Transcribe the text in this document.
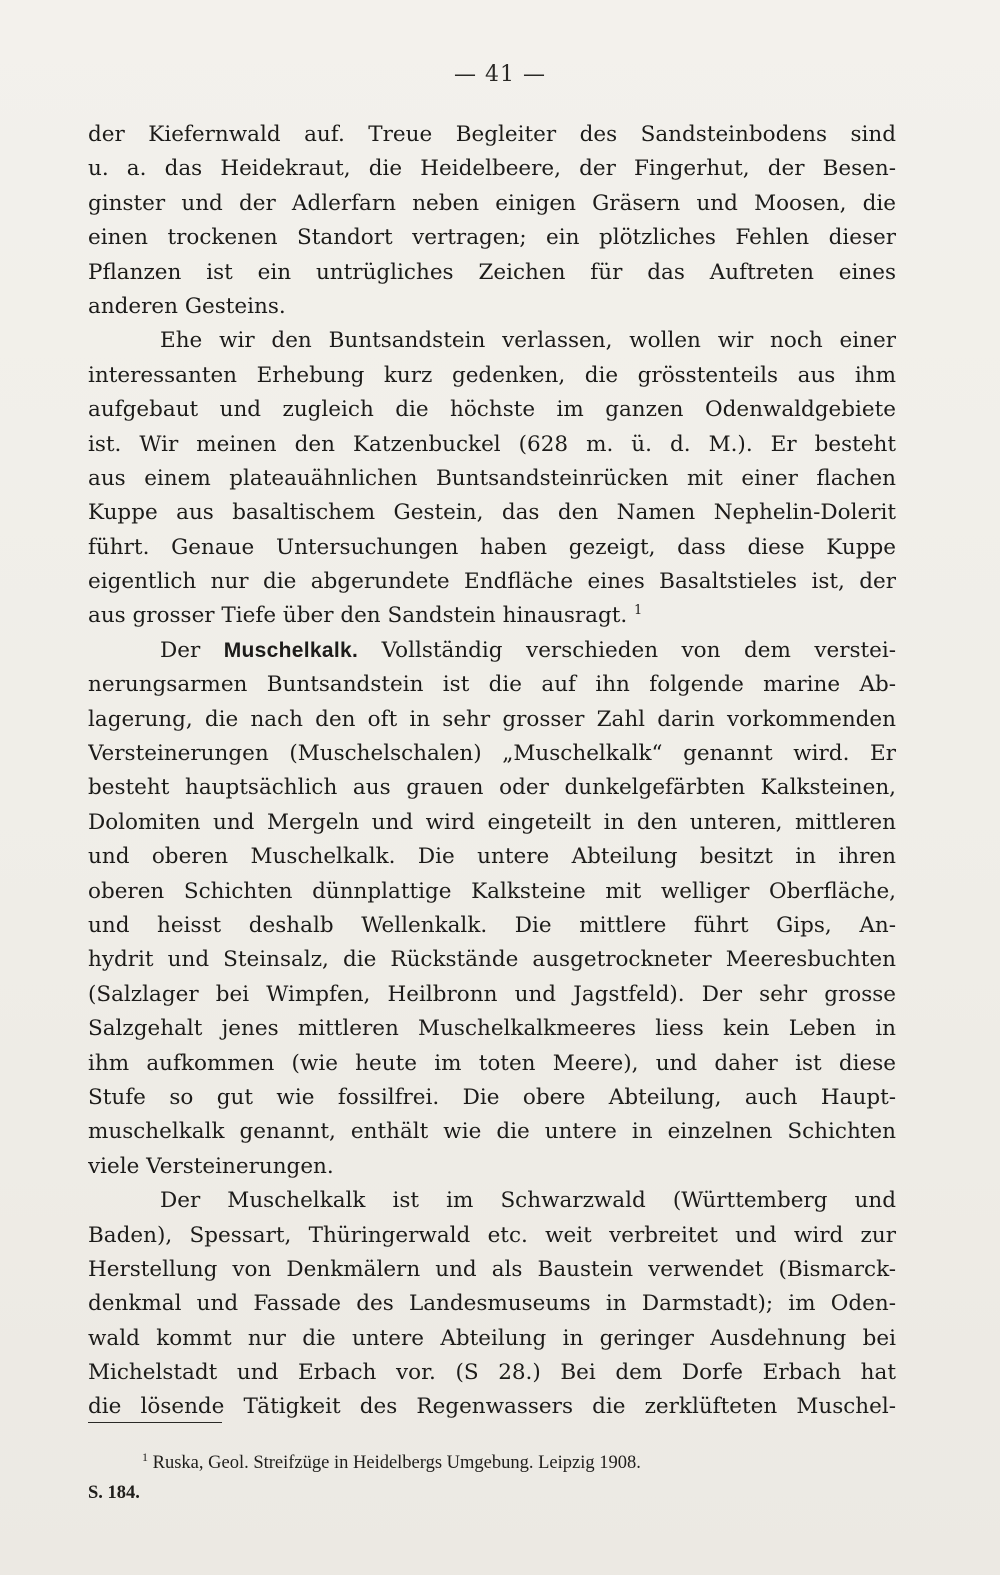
— 41 —
der Kiefernwald auf. Treue Begleiter des Sandsteinbodens sind
u. a. das Heidekraut, die Heidelbeere, der Fingerhut, der Besen-
ginster und der Adlerfarn neben einigen Gräsern und Moosen, die
einen trockenen Standort vertragen; ein plötzliches Fehlen dieser
Pflanzen ist ein untrügliches Zeichen für das Auftreten eines
anderen Gesteins.
Ehe wir den Buntsandstein verlassen, wollen wir noch einer
interessanten Erhebung kurz gedenken, die grösstenteils aus ihm
aufgebaut und zugleich die höchste im ganzen Odenwaldgebiete
ist. Wir meinen den Katzenbuckel (628 m. ü. d. M.). Er besteht
aus einem plateauähnlichen Buntsandsteinrücken mit einer flachen
Kuppe aus basaltischem Gestein, das den Namen Nephelin-Dolerit
führt. Genaue Untersuchungen haben gezeigt, dass diese Kuppe
eigentlich nur die abgerundete Endfläche eines Basaltstieles ist, der
aus grosser Tiefe über den Sandstein hinausragt. $^1$
Der Muschelkalk. Vollständig verschieden von dem verstei-
nerungsarmen Buntsandstein ist die auf ihn folgende marine Ab-
lagerung, die nach den oft in sehr grosser Zahl darin vorkommenden
Versteinerungen (Muschelschalen) „Muschelkalk“ genannt wird. Er
besteht hauptsächlich aus grauen oder dunkelgefärbten Kalksteinen,
Dolomiten und Mergeln und wird eingeteilt in den unteren, mittleren
und oberen Muschelkalk. Die untere Abteilung besitzt in ihren
oberen Schichten dünnplattige Kalksteine mit welliger Oberfläche,
und heisst deshalb Wellenkalk. Die mittlere führt Gips, An-
hydrit und Steinsalz, die Rückstände ausgetrockneter Meeresbuchten
(Salzlager bei Wimpfen, Heilbronn und Jagstfeld). Der sehr grosse
Salzgehalt jenes mittleren Muschelkalkmeeres liess kein Leben in
ihm aufkommen (wie heute im toten Meere), und daher ist diese
Stufe so gut wie fossilfrei. Die obere Abteilung, auch Haupt-
muschelkalk genannt, enthält wie die untere in einzelnen Schichten
viele Versteinerungen.
Der Muschelkalk ist im Schwarzwald (Württemberg und
Baden), Spessart, Thüringerwald etc. weit verbreitet und wird zur
Herstellung von Denkmälern und als Baustein verwendet (Bismarck-
denkmal und Fassade des Landesmuseums in Darmstadt); im Oden-
wald kommt nur die untere Abteilung in geringer Ausdehnung bei
Michelstadt und Erbach vor. (S 28.) Bei dem Dorfe Erbach hat
die lösende Tätigkeit des Regenwassers die zerklüfteten Muschel-
$^1$ Ruska, Geol. Streifzüge in Heidelbergs Umgebung. Leipzig 1908.
S. 184.
